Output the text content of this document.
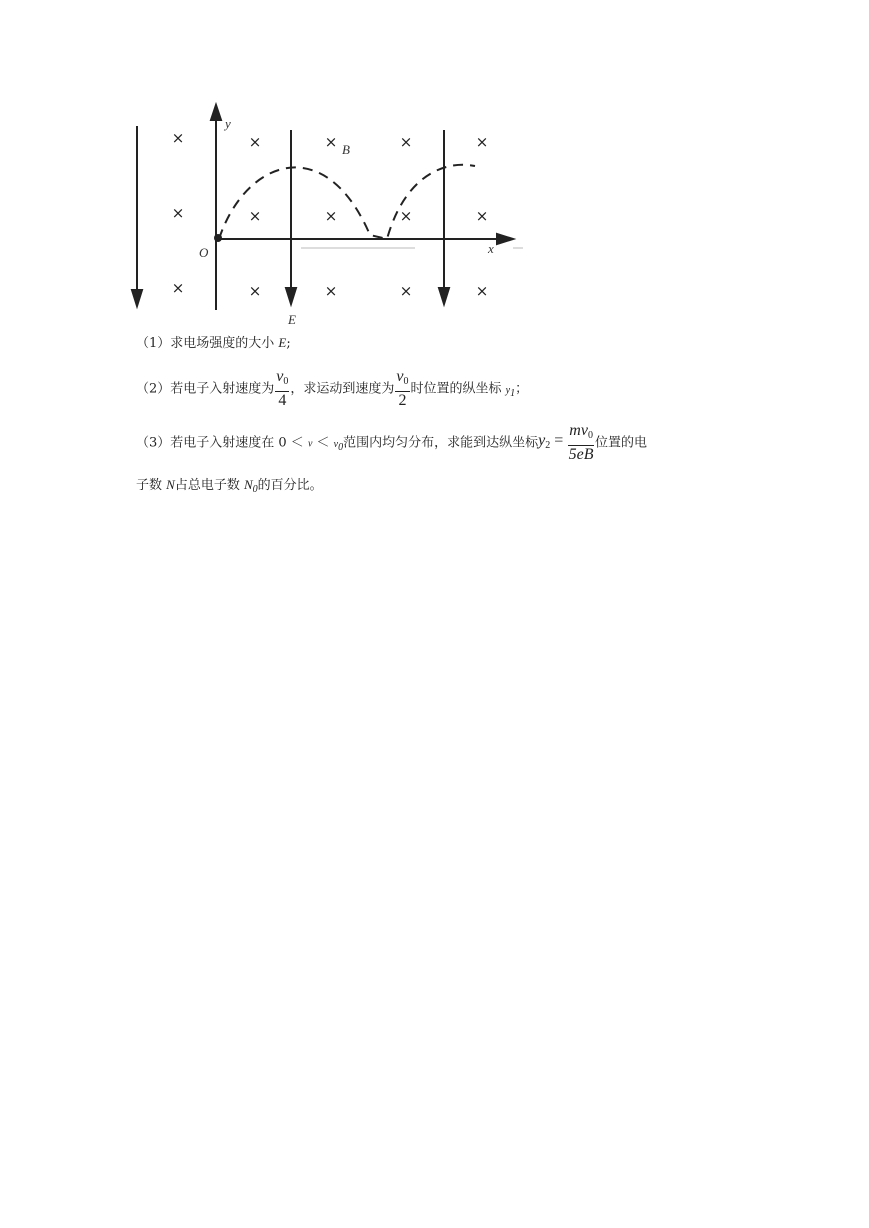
×	×	×	×	×
×	×	×	×	×
×	×	×	×	×
y
x
O
B
E
（1）求电场强度的大小 E;
（2）若电子入射速度为 $\frac{v_0}{4}$ ，求运动到速度为 $\frac{v_0}{2}$ 时位置的纵坐标 $y_1$；
（3）若电子入射速度在 $0 < v < v_0$范围内均匀分布，求能到达纵坐标$y_2 = \frac{mv_0}{5eB}$ 位置的电
子数 N占总电子数 $N_0$的百分比。
